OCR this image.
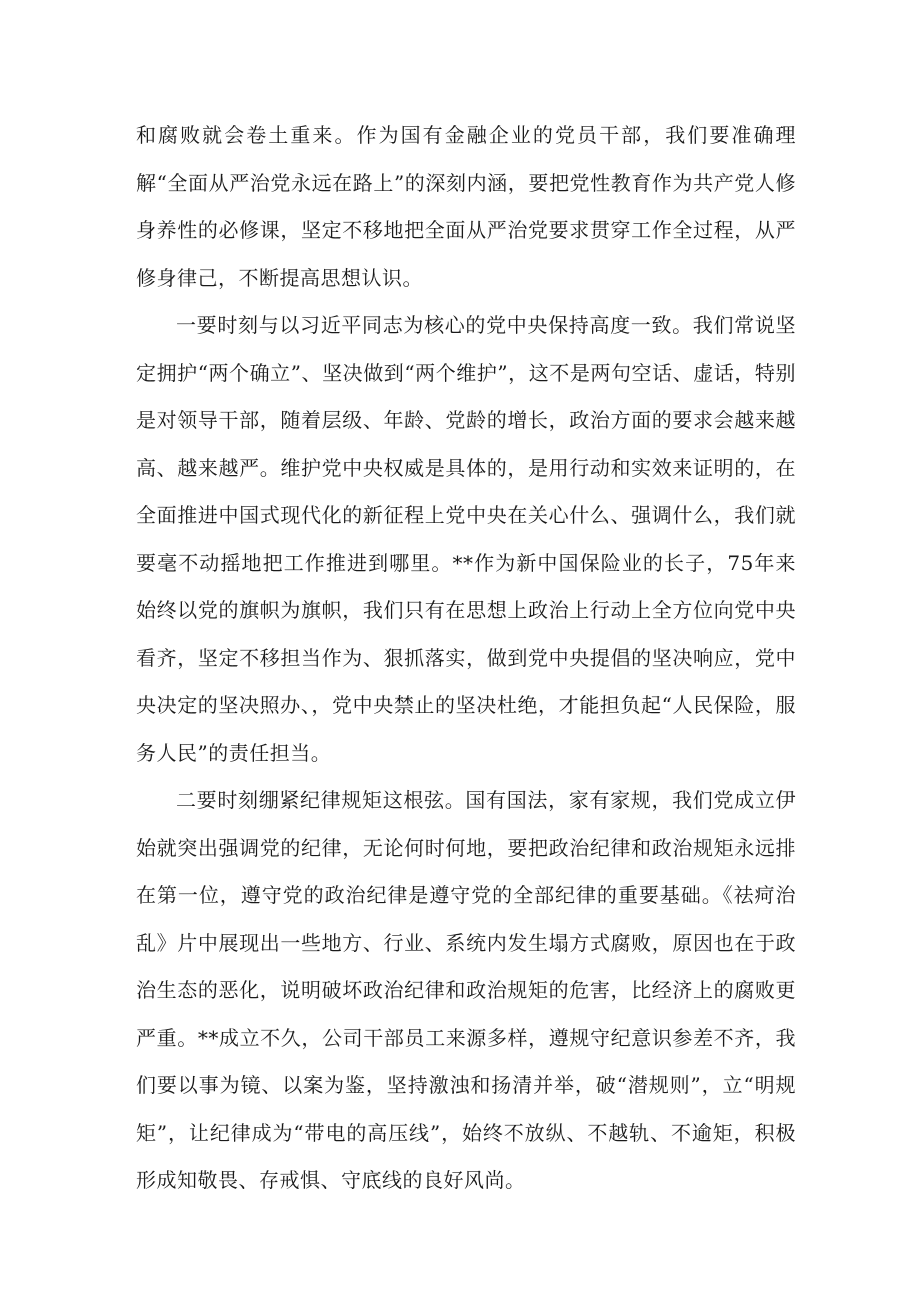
和腐败就会卷土重来。作为国有金融企业的党员干部，我们要准确理解“全面从严治党永远在路上”的深刻内涵，要把党性教育作为共产党人修身养性的必修课，坚定不移地把全面从严治党要求贯穿工作全过程，从严修身律己，不断提高思想认识。

一要时刻与以习近平同志为核心的党中央保持高度一致。我们常说坚定拥护“两个确立”、坚决做到“两个维护”，这不是两句空话、虚话，特别是对领导干部，随着层级、年龄、党龄的增长，政治方面的要求会越来越高、越来越严。维护党中央权威是具体的，是用行动和实效来证明的，在全面推进中国式现代化的新征程上党中央在关心什么、强调什么，我们就要毫不动摇地把工作推进到哪里。**作为新中国保险业的长子，75年来始终以党的旗帜为旗帜，我们只有在思想上政治上行动上全方位向党中央看齐，坚定不移担当作为、狠抓落实，做到党中央提倡的坚决响应，党中央决定的坚决照办、，党中央禁止的坚决杜绝，才能担负起“人民保险，服务人民”的责任担当。

二要时刻绷紧纪律规矩这根弦。国有国法，家有家规，我们党成立伊始就突出强调党的纪律，无论何时何地，要把政治纪律和政治规矩永远排在第一位，遵守党的政治纪律是遵守党的全部纪律的重要基础。《祛疴治乱》片中展现出一些地方、行业、系统内发生塌方式腐败，原因也在于政治生态的恶化，说明破坏政治纪律和政治规矩的危害，比经济上的腐败更严重。**成立不久，公司干部员工来源多样，遵规守纪意识参差不齐，我们要以事为镜、以案为鉴，坚持激浊和扬清并举，破“潜规则”，立“明规矩”，让纪律成为“带电的高压线”，始终不放纵、不越轨、不逾矩，积极形成知敬畏、存戒惧、守底线的良好风尚。
